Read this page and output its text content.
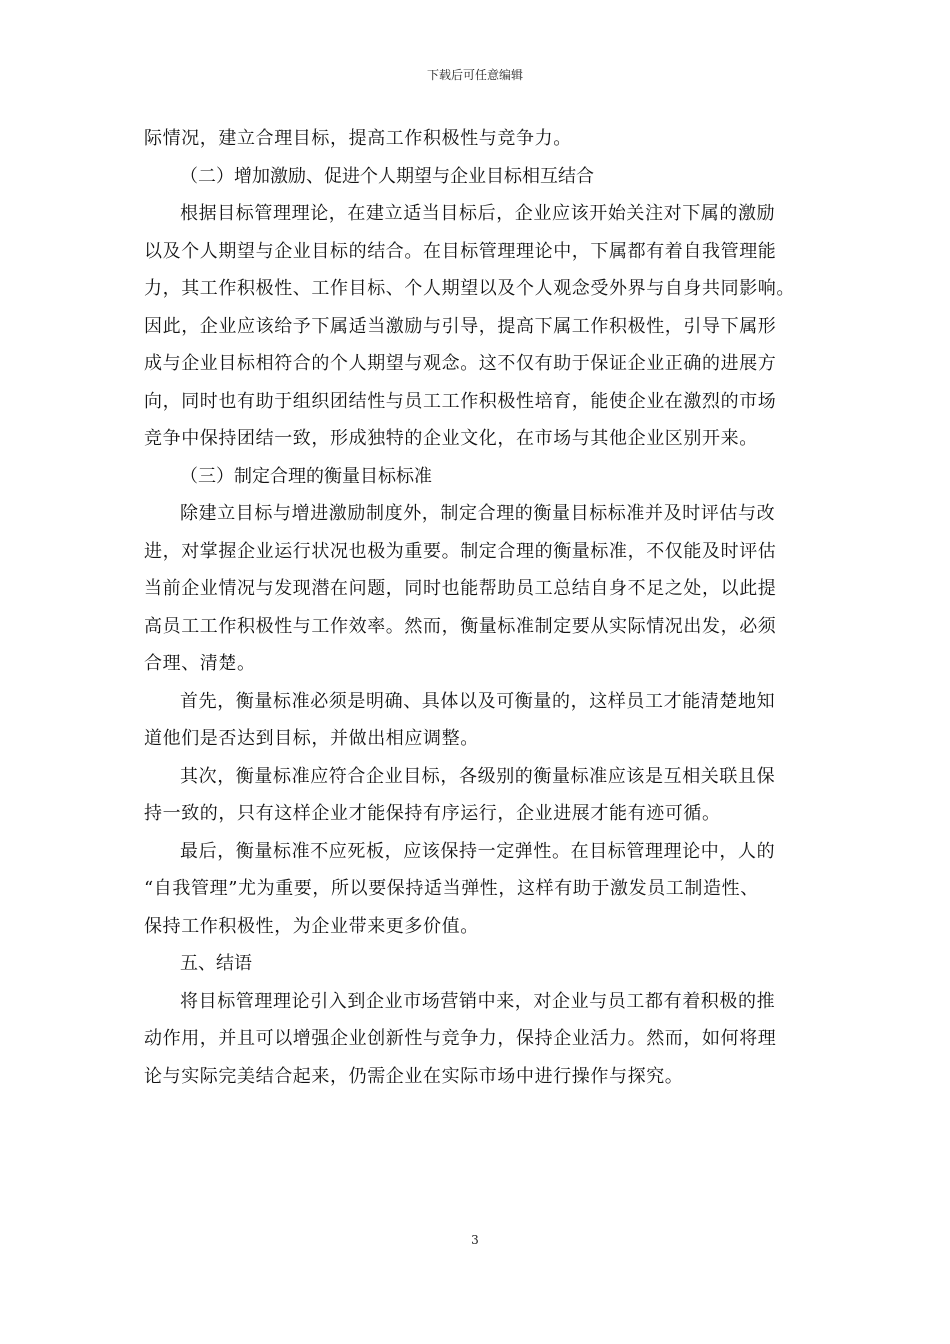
下载后可任意编辑
际情况，建立合理目标，提高工作积极性与竞争力。
（二）增加激励、促进个人期望与企业目标相互结合
根据目标管理理论，在建立适当目标后，企业应该开始关注对下属的激励
以及个人期望与企业目标的结合。在目标管理理论中，下属都有着自我管理能
力，其工作积极性、工作目标、个人期望以及个人观念受外界与自身共同影响。
因此，企业应该给予下属适当激励与引导，提高下属工作积极性，引导下属形
成与企业目标相符合的个人期望与观念。这不仅有助于保证企业正确的进展方
向，同时也有助于组织团结性与员工工作积极性培育，能使企业在激烈的市场
竞争中保持团结一致，形成独特的企业文化，在市场与其他企业区别开来。
（三）制定合理的衡量目标标准
除建立目标与增进激励制度外，制定合理的衡量目标标准并及时评估与改
进，对掌握企业运行状况也极为重要。制定合理的衡量标准，不仅能及时评估
当前企业情况与发现潜在问题，同时也能帮助员工总结自身不足之处，以此提
高员工工作积极性与工作效率。然而，衡量标准制定要从实际情况出发，必须
合理、清楚。
首先，衡量标准必须是明确、具体以及可衡量的，这样员工才能清楚地知
道他们是否达到目标，并做出相应调整。
其次，衡量标准应符合企业目标，各级别的衡量标准应该是互相关联且保
持一致的，只有这样企业才能保持有序运行，企业进展才能有迹可循。
最后，衡量标准不应死板，应该保持一定弹性。在目标管理理论中，人的
“自我管理”尤为重要，所以要保持适当弹性，这样有助于激发员工制造性、
保持工作积极性，为企业带来更多价值。
五、结语
将目标管理理论引入到企业市场营销中来，对企业与员工都有着积极的推
动作用，并且可以增强企业创新性与竞争力，保持企业活力。然而，如何将理
论与实际完美结合起来，仍需企业在实际市场中进行操作与探究。
3
